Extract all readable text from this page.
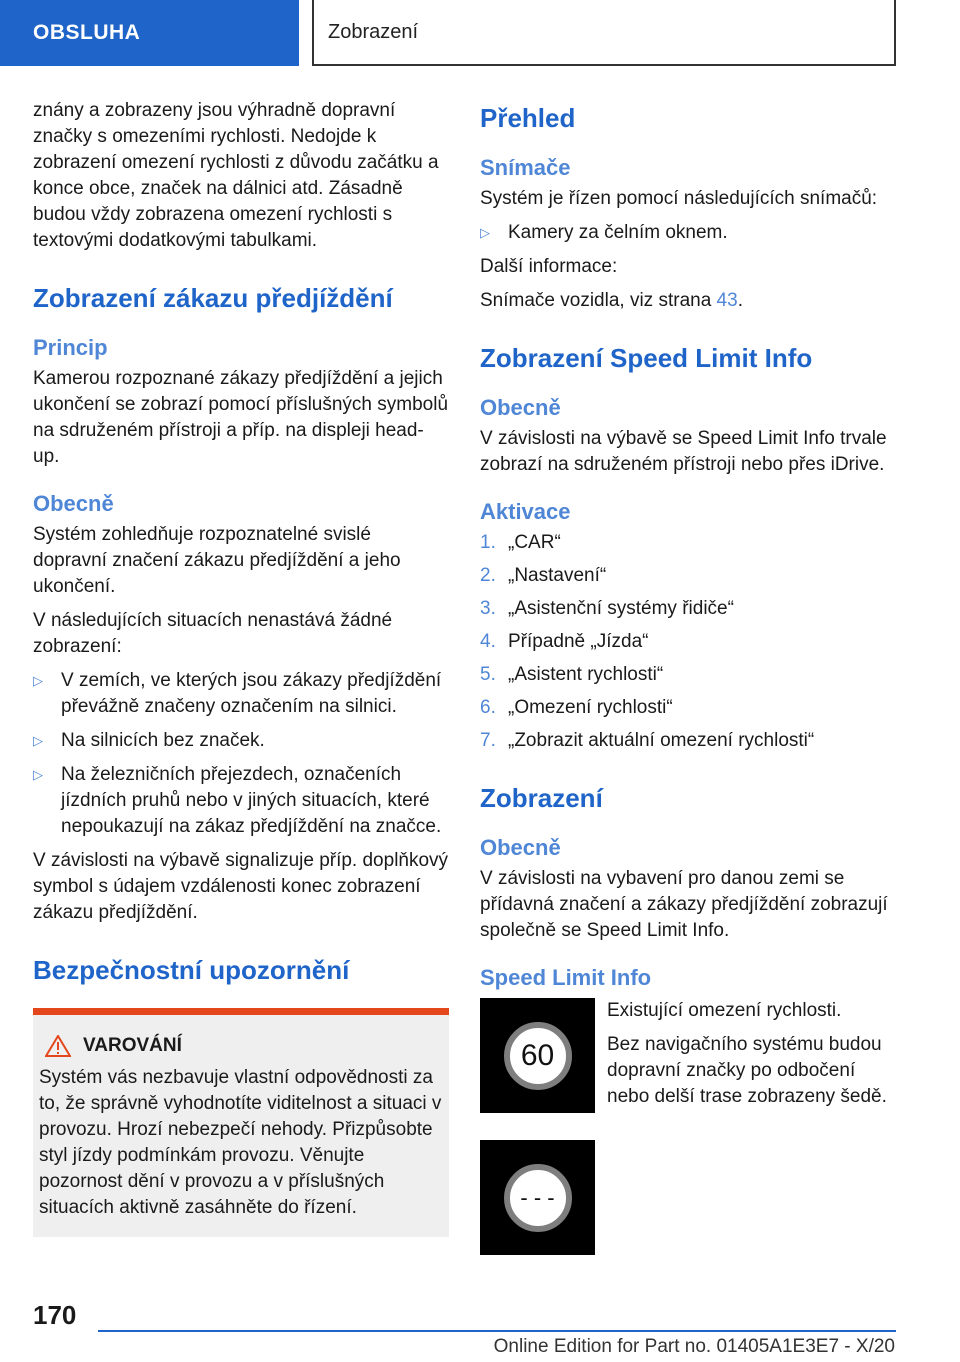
OBSLUHA	Zobrazení

znány a zobrazeny jsou výhradně dopravní značky s omezeními rychlosti. Nedojde k zobrazení omezení rychlosti z důvodu začátku a konce obce, značek na dálnici atd. Zásadně budou vždy zobrazena omezení rychlosti s textovými dodatkovými tabulkami.

Zobrazení zákazu předjíždění
Princip

Kamerou rozpoznané zákazy předjíždění a jejich ukončení se zobrazí pomocí příslušných symbolů na sdruženém přístroji a příp. na displeji head-up.

Obecně

Systém zohledňuje rozpoznatelné svislé dopravní značení zákazu předjíždění a jeho ukončení.

V následujících situacích nenastává žádné zobrazení:

▷ V zemích, ve kterých jsou zákazy předjíždění převážně značeny označením na silnici.
▷ Na silnicích bez značek.
▷ Na železničních přejezdech, označeních jízdních pruhů nebo v jiných situacích, které nepoukazují na zákaz předjíždění na značce.

V závislosti na výbavě signalizuje příp. doplňkový symbol s údajem vzdálenosti konec zobrazení zákazu předjíždění.

Bezpečnostní upozornění
VAROVÁNÍ

Systém vás nezbavuje vlastní odpovědnosti za to, že správně vyhodnotíte viditelnost a situaci v provozu. Hrozí nebezpečí nehody. Přizpůsobte styl jízdy podmínkám provozu. Věnujte pozornost dění v provozu a v příslušných situacích aktivně zasáhněte do řízení.

Přehled
Snímače

Systém je řízen pomocí následujících snímačů:

▷ Kamery za čelním oknem.

Další informace:

Snímače vozidla, viz strana 43.

Zobrazení Speed Limit Info
Obecně

V závislosti na výbavě se Speed Limit Info trvale zobrazí na sdruženém přístroji nebo přes iDrive.

Aktivace
1. „CAR“
2. „Nastavení“
3. „Asistenční systémy řidiče“
4. Případně „Jízda“
5. „Asistent rychlosti“
6. „Omezení rychlosti“
7. „Zobrazit aktuální omezení rychlosti“
Zobrazení
Obecně

V závislosti na vybavení pro danou zemi se přídavná značení a zákazy předjíždění zobrazují společně se Speed Limit Info.

Speed Limit Info
60

Existující omezení rychlosti.

Bez navigačního systému budou dopravní značky po odbočení nebo delší trase zobrazeny šedě.

- - -
170
Online Edition for Part no. 01405A1E3E7 - X/20
